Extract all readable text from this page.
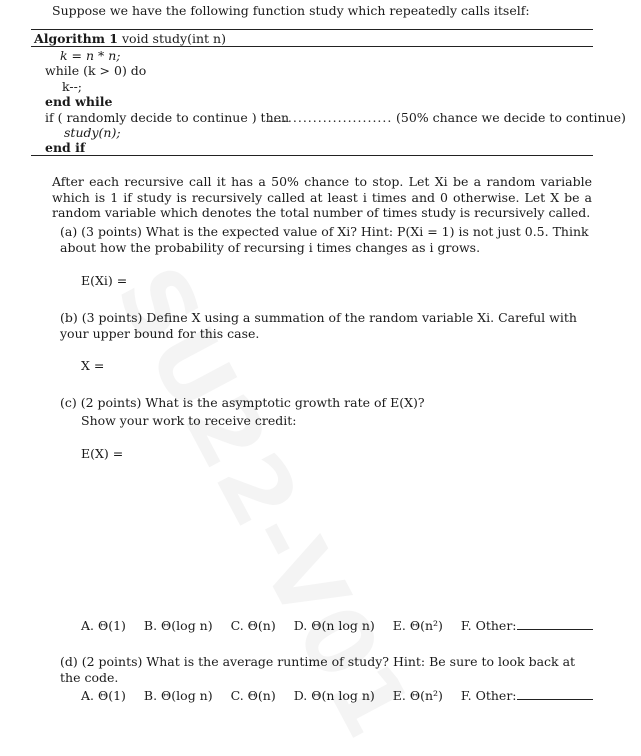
Suppose we have the following function study which repeatedly calls itself:
Algorithm 1 void study(int n)
k = n * n;
while (k > 0) do
k--;
end while
if ( randomly decide to continue ) then
......................... (50% chance we decide to continue)
study(n);
end if
After each recursive call it has a 50% chance to stop. Let Xi be a random variable which is 1 if study is recursively called at least i times and 0 otherwise. Let X be a random variable which denotes the total number of times study is recursively called.
(a) (3 points) What is the expected value of Xi? Hint: P(Xi = 1) is not just 0.5. Think about how the probability of recursing i times changes as i grows.
E(Xi) =
(b) (3 points) Define X using a summation of the random variable Xi. Careful with your upper bound for this case.
X =
(c) (2 points) What is the asymptotic growth rate of E(X)?
Show your work to receive credit:
E(X) =
A. Θ(1) B. Θ(log n) C. Θ(n) D. Θ(n log n) E. Θ(n²) F. Other:
(d) (2 points) What is the average runtime of study? Hint: Be sure to look back at the code.
A. Θ(1) B. Θ(log n) C. Θ(n) D. Θ(n log n) E. Θ(n²) F. Other:
